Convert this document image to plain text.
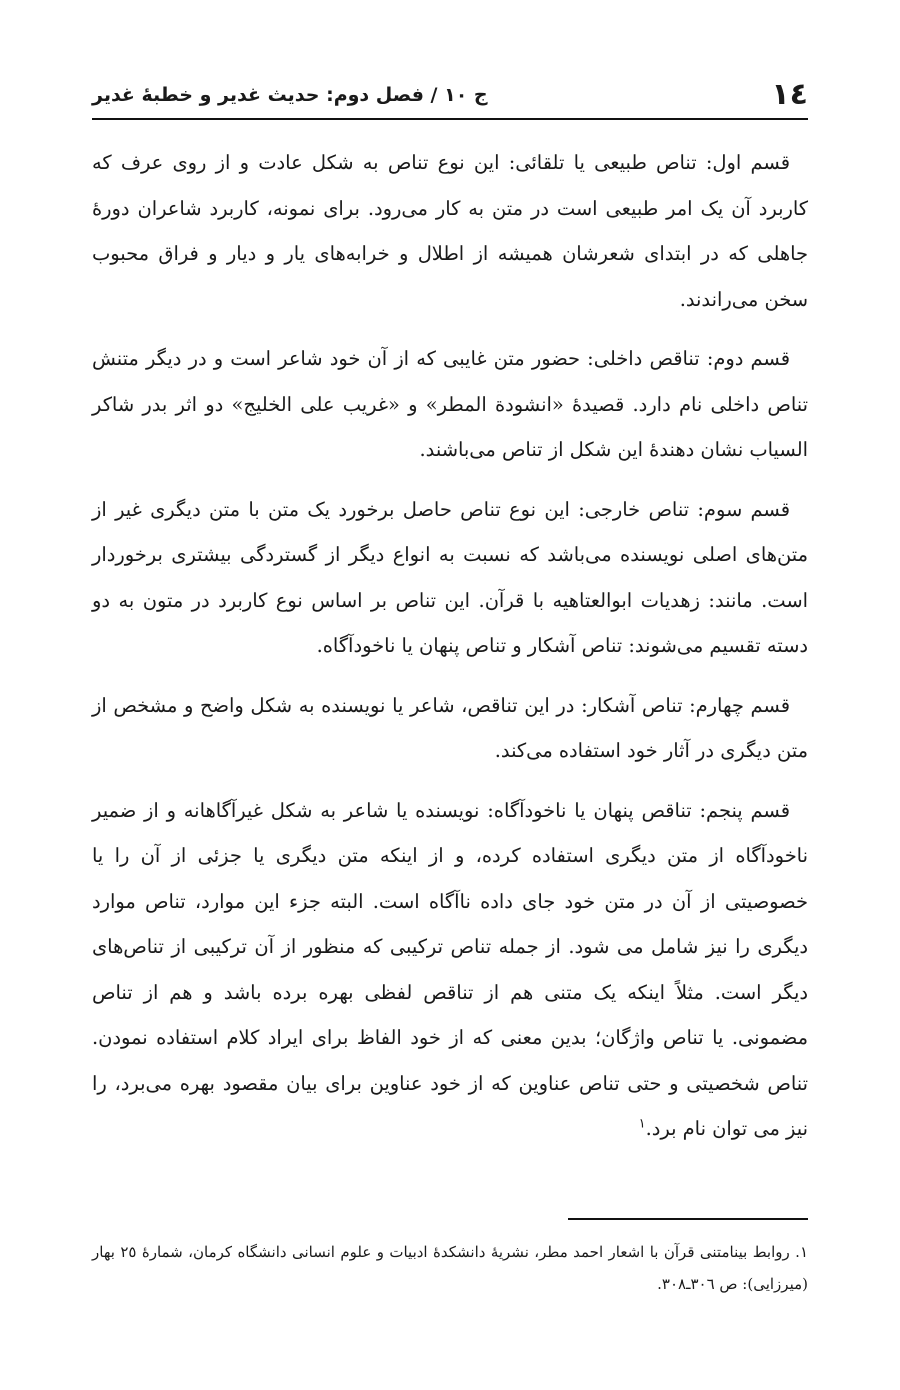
١٤
ج ١٠ / فصل دوم: حديث غدير و خطبۀ غدير

قسم اول: تناص طبیعی یا تلقائی: این نوع تناص به شکل عادت و از روی عرف که کاربرد آن یک امر طبیعی است در متن به کار می‌رود. برای نمونه، کاربرد شاعران دورهٔ جاهلی که در ابتدای شعرشان همیشه از اطلال و خرابه‌های یار و دیار و فراق محبوب سخن می‌راندند.

قسم دوم: تناقص داخلی: حضور متن غایبی که از آن خود شاعر است و در دیگر متنش تناص داخلی نام دارد. قصیدهٔ «انشودة المطر» و «غریب علی الخلیج» دو اثر بدر شاکر السیاب نشان دهندهٔ این شکل از تناص می‌باشند.

قسم سوم: تناص خارجی: این نوع تناص حاصل برخورد یک متن با متن دیگری غیر از متن‌های اصلی نویسنده می‌باشد که نسبت به انواع دیگر از گستردگی بیشتری برخوردار است. مانند: زهدیات ابوالعتاهیه با قرآن. این تناص بر اساس نوع کاربرد در متون به دو دسته تقسیم می‌شوند: تناص آشکار و تناص پنهان یا ناخودآگاه.

قسم چهارم: تناص آشکار: در این تناقص، شاعر یا نویسنده به شکل واضح و مشخص از متن دیگری در آثار خود استفاده می‌کند.

قسم پنجم: تناقص پنهان یا ناخودآگاه: نویسنده یا شاعر به شکل غیرآگاهانه و از ضمیر ناخودآگاه از متن دیگری استفاده کرده، و از اینکه متن دیگری یا جزئی از آن را یا خصوصیتی از آن در متن خود جای داده ناآگاه است. البته جزء این موارد، تناص موارد دیگری را نیز شامل می شود. از جمله تناص ترکیبی که منظور از آن ترکیبی از تناص‌های دیگر است. مثلاً اینکه یک متنی هم از تناقص لفظی بهره برده باشد و هم از تناص مضمونی. یا تناص واژگان؛ بدین معنی که از خود الفاظ برای ایراد کلام استفاده نمودن. تناص شخصیتی و حتی تناص عناوین که از خود عناوین برای بیان مقصود بهره می‌برد، را نیز می توان نام برد.$^١$

١. روابط بینامتنی قرآن با اشعار احمد مطر، نشریهٔ دانشکدهٔ ادبیات و علوم انسانی دانشگاه کرمان، شمارهٔ ٢٥ بهار (میرزایی): ص ٣٠٦ـ٣٠٨.
